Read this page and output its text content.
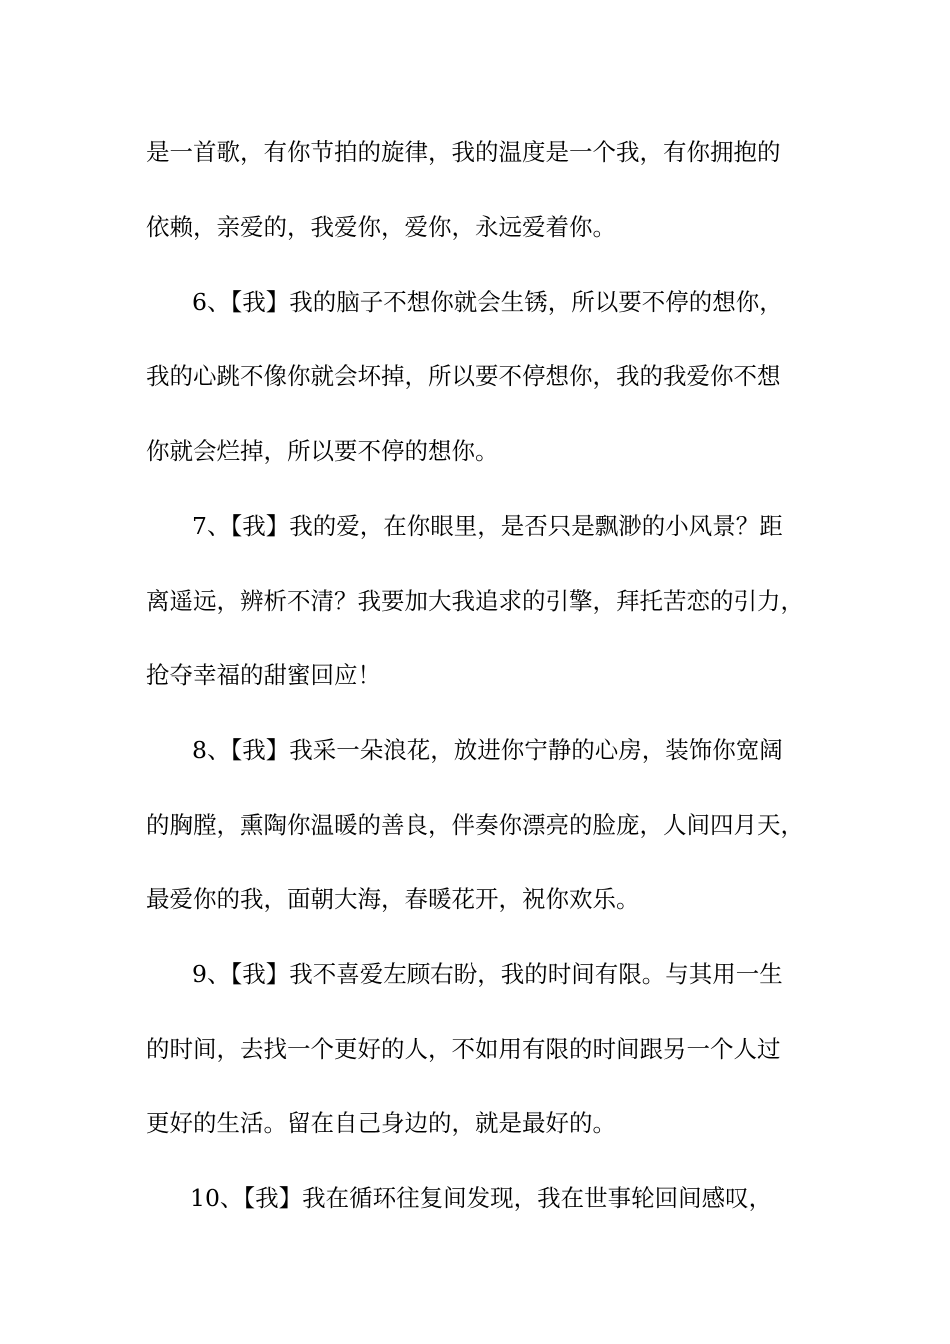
是一首歌，有你节拍的旋律，我的温度是一个我，有你拥抱的

依赖，亲爱的，我爱你，爱你，永远爱着你。

6、【我】我的脑子不想你就会生锈，所以要不停的想你，

我的心跳不像你就会坏掉，所以要不停想你，我的我爱你不想

你就会烂掉，所以要不停的想你。

7、【我】我的爱，在你眼里，是否只是飘渺的小风景？距

离遥远，辨析不清？我要加大我追求的引擎，拜托苦恋的引力，

抢夺幸福的甜蜜回应！

8、【我】我采一朵浪花，放进你宁静的心房，装饰你宽阔

的胸膛，熏陶你温暖的善良，伴奏你漂亮的脸庞，人间四月天，

最爱你的我，面朝大海，春暖花开，祝你欢乐。

9、【我】我不喜爱左顾右盼，我的时间有限。与其用一生

的时间，去找一个更好的人，不如用有限的时间跟另一个人过

更好的生活。留在自己身边的，就是最好的。

10、【我】我在循环往复间发现，我在世事轮回间感叹，
